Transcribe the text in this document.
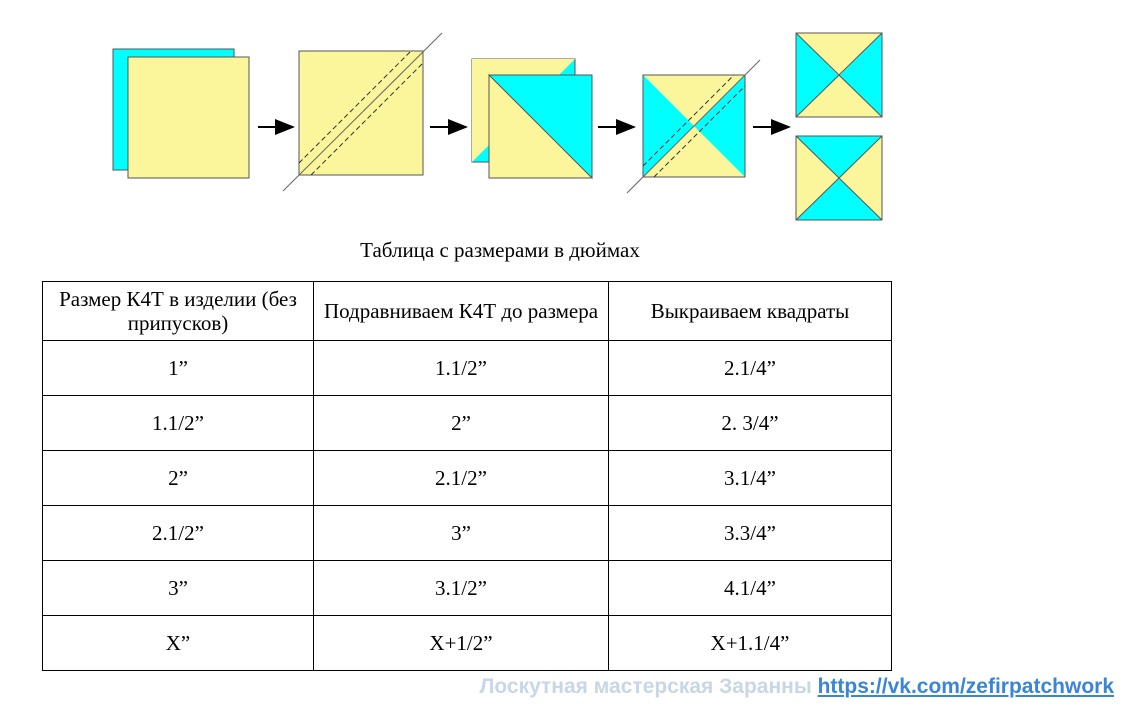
Таблица с размерами в дюймах
Размер К4Т в изделии (без припусков)	Подравниваем К4Т до размера	Выкраиваем квадраты
1”	1.1/2”	2.1/4”
1.1/2”	2”	2. 3/4”
2”	2.1/2”	3.1/4”
2.1/2”	3”	3.3/4”
3”	3.1/2”	4.1/4”
X”	X+1/2”	X+1.1/4”
Лоскутная мастерская Заранны https://vk.com/zefirpatchwork
